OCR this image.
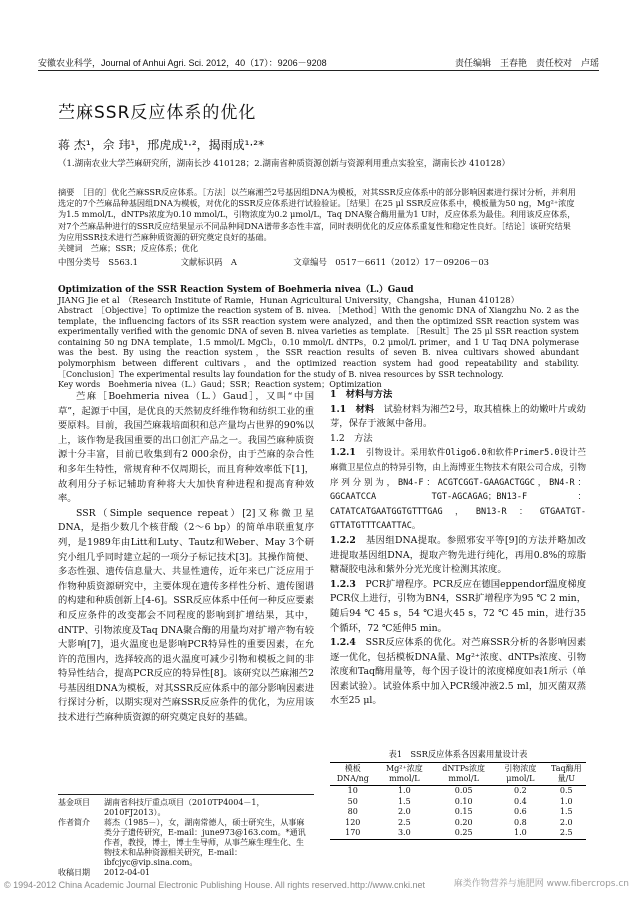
安徽农业科学，Journal of Anhui Agri. Sci. 2012，40（17）：9206－9208	责任编辑　王春艳　责任校对　卢瑶
苎麻SSR反应体系的优化
蒋 杰¹，佘 玮¹，邢虎成¹·²，揭雨成¹·²*
（1.湖南农业大学苎麻研究所，湖南长沙 410128；2.湖南省种质资源创新与资源利用重点实验室，湖南长沙 410128）
摘要　［目的］优化苎麻SSR反应体系。［方法］以苎麻湘苎2号基因组DNA为模板，对其SSR反应体系中的部分影响因素进行探讨分析，并利用选定的7个苎麻品种基因组DNA为模板，对优化的SSR反应体系进行试验验证。［结果］在25 μl SSR反应体系中，模板量为50 ng，Mg²⁺浓度为1.5 mmol/L，dNTPs浓度为0.10 mmol/L，引物浓度为0.2 μmol/L，Taq DNA聚合酶用量为1 U时，反应体系为最佳。利用该反应体系，对7个苎麻品种进行的SSR反应结果显示不同品种间DNA谱带多态性丰富，同时表明优化的反应体系重复性和稳定性良好。［结论］该研究结果为应用SSR技术进行苎麻种质资源的研究奠定良好的基础。
关键词　苎麻；SSR；反应体系；优化
中图分类号　S563.1	文献标识码　A	文章编号　0517－6611（2012）17－09206－03
Optimization of the SSR Reaction System of Boehmeria nivea（L.）Gaud
JIANG Jie et al　（Research Institute of Ramie，Hunan Agricultural University，Changsha，Hunan 410128）
Abstract　［Objective］To optimize the reaction system of B. nivea. ［Method］With the genomic DNA of Xiangzhu No. 2 as the template，the influencing factors of its SSR reaction system were analyzed，and then the optimized SSR reaction system was experimentally verified with the genomic DNA of seven B. nivea varieties as template. ［Result］The 25 μl SSR reaction system containing 50 ng DNA template，1.5 mmol/L MgCl₂，0.10 mmol/L dNTPs，0.2 μmol/L primer，and 1 U Taq DNA polymerase was the best. By using the reaction system，the SSR reaction results of seven B. nivea cultivars showed abundant polymorphism between different cultivars，and the optimized reaction system had good repeatability and stability. ［Conclusion］The experimental results lay foundation for the study of B. nivea resources by SSR technology.
Key words　Boehmeria nivea（L.）Gaud；SSR；Reaction system；Optimization

苎麻［Boehmeria nivea（L.）Gaud］，又叫“中国草”，起源于中国，是优良的天然韧皮纤维作物和纺织工业的重要原料。目前，我国苎麻栽培面积和总产量均占世界的90%以上，该作物是我国重要的出口创汇产品之一。我国苎麻种质资源十分丰富，目前已收集到有2 000余份，由于苎麻的杂合性和多年生特性，常规育种不仅周期长，而且育种效率低下[1]，故利用分子标记辅助育种将大大加快育种进程和提高育种效率。

SSR（Simple sequence repeat）[2]又称微卫星DNA，是指少数几个核苷酸（2～6 bp）的简单串联重复序列，是1989年由Litt和Luty、Tautz和Weber、May 3个研究小组几乎同时建立起的一项分子标记技术[3]。其操作简便、多态性强、遗传信息量大、共显性遗传，近年来已广泛应用于作物种质资源研究中，主要体现在遗传多样性分析、遗传图谱的构建和种质创新上[4-6]。SSR反应体系中任何一种反应要素和反应条件的改变都会不同程度的影响到扩增结果，其中，dNTP、引物浓度及Taq DNA聚合酶的用量均对扩增产物有较大影响[7]，退火温度也是影响PCR特异性的重要因素，在允许的范围内，选择较高的退火温度可减少引物和模板之间的非特异性结合，提高PCR反应的特异性[8]。该研究以苎麻湘苎2号基因组DNA为模板，对其SSR反应体系中的部分影响因素进行探讨分析，以期实现对苎麻SSR反应条件的优化，为应用该技术进行苎麻种质资源的研究奠定良好的基础。

1　材料与方法

1.1　材料　 试验材料为湘苎2号，取其植株上的幼嫩叶片或幼芽，保存于液氮中备用。

1.2　方法

1.2.1　 引物设计。采用软件Oligo6.0和软件Primer5.0设计苎麻微卫星位点的特异引物，由上海博亚生物技术有限公司合成，引物序列分别为，BN4-F：ACGTCGGT-GAAGACTGGC，BN4-R：GGCAATCCA TGT-AGCAGAG；BN13-F：CATATCATGAATGGTGTTTGAG，BN13-R：GTGAATGT-GTTATGTTTCAATTAC。

1.2.2　 基因组DNA提取。参照邪安平等[9]的方法并略加改进提取基因组DNA，提取产物先进行纯化，再用0.8%的琼脂糖凝胶电泳和紫外分光光度计检测其浓度。

1.2.3　 PCR扩增程序。PCR反应在德国eppendorf温度梯度PCR仪上进行，引物为BN4，SSR扩增程序为95 ℃ 2 min，随后94 ℃ 45 s，54 ℃退火45 s，72 ℃ 45 min，进行35个循环，72 ℃延伸5 min。

1.2.4　 SSR反应体系的优化。对苎麻SSR分析的各影响因素逐一优化，包括模板DNA量、Mg²⁺浓度、dNTPs浓度、引物浓度和Taq酶用量等，每个因子设计的浓度梯度如表1所示（单因素试验）。试验体系中加入PCR缓冲液2.5 ml，加灭菌双蒸水至25 μl。

表1　SSR反应体系各因素用量设计表
模板DNA/ng	Mg²⁺浓度 mmol/L	dNTPs浓度 mmol/L	引物浓度 μmol/L	Taq酶用量/U
10	1.0	0.05	0.2	0.5
50	1.5	0.10	0.4	1.0
80	2.0	0.15	0.6	1.5
120	2.5	0.20	0.8	2.0
170	3.0	0.25	1.0	2.5
基金项目 湖南省科技厅重点项目（2010TP4004－1，2010FJ2013）。
作者简介 蒋杰（1985－），女，湖南常德人，硕士研究生，从事麻类分子遗传研究，E-mail：june973@163.com。*通讯作者，教授，博士，博士生导师，从事苎麻生理生化、生物技术和品种资源相关研究，E-mail：ibfcjyc@vip.sina.com。
收稿日期 2012-04-01
© 1994-2012 China Academic Journal Electronic Publishing House. All rights reserved. http://www.cnki.net	麻类作物营养与施肥网 www.fibercrops.cn
